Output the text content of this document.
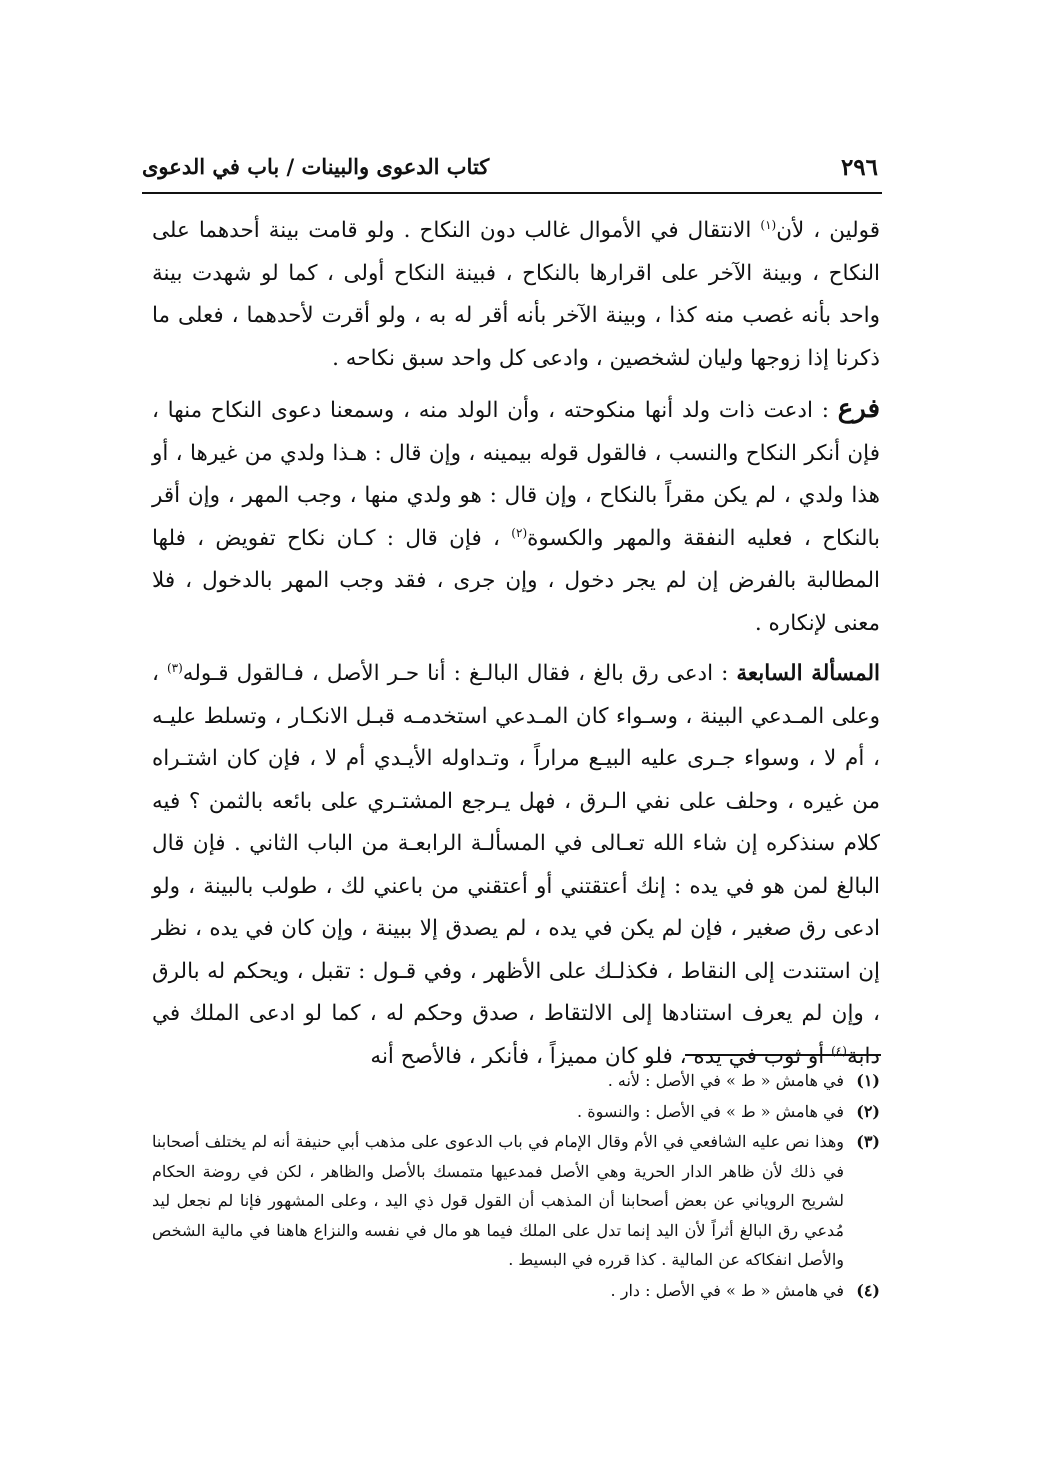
٢٩٦
كتاب الدعوى والبينات / باب في الدعوى

قولين ، لأن$^{(١)}$ الانتقال في الأموال غالب دون النكاح . ولو قامت بينة أحدهما على النكاح ، وبينة الآخر على اقرارها بالنكاح ، فبينة النكاح أولى ، كما لو شهدت بينة واحد بأنه غصب منه كذا ، وبينة الآخر بأنه أقر له به ، ولو أقرت لأحدهما ، فعلى ما ذكرنا إذا زوجها وليان لشخصين ، وادعى كل واحد سبق نكاحه .

فرع : ادعت ذات ولد أنها منكوحته ، وأن الولد منه ، وسمعنا دعوى النكاح منها ، فإن أنكر النكاح والنسب ، فالقول قوله بيمينه ، وإن قال : هـذا ولدي من غيرها ، أو هذا ولدي ، لم يكن مقراً بالنكاح ، وإن قال : هو ولدي منها ، وجب المهر ، وإن أقر بالنكاح ، فعليه النفقة والمهر والكسوة$^{(٢)}$ ، فإن قال : كـان نكاح تفويض ، فلها المطالبة بالفرض إن لم يجر دخول ، وإن جرى ، فقد وجب المهر بالدخول ، فلا معنى لإنكاره .

المسألة السابعة : ادعى رق بالغ ، فقال البالـغ : أنا حـر الأصل ، فـالقول قـوله$^{(٣)}$ ، وعلى المـدعي البينة ، وسـواء كان المـدعي استخدمـه قبـل الانكـار ، وتسلط عليـه ، أم لا ، وسواء جـرى عليه البيـع مراراً ، وتـداوله الأيـدي أم لا ، فإن كان اشتـراه من غيره ، وحلف على نفي الـرق ، فهل يـرجع المشتـري على بائعه بالثمن ؟ فيه كلام سنذكره إن شاء الله تعـالى في المسألـة الرابعـة من الباب الثاني . فإن قال البالغ لمن هو في يده : إنك أعتقتني أو أعتقني من باعني لك ، طولب بالبينة ، ولو ادعى رق صغير ، فإن لم يكن في يده ، لم يصدق إلا ببينة ، وإن كان في يده ، نظر إن استندت إلى النقاط ، فكذلـك على الأظهر ، وفي قـول : تقبل ، ويحكم له بالرق ، وإن لم يعرف استنادها إلى الالتقاط ، صدق وحكم له ، كما لو ادعى الملك في دابة$^{(٤)}$ أو ثوب في يده ، فلو كان مميزاً ، فأنكر ، فالأصح أنه

(١)
في هامش « ط » في الأصل : لأنه .
(٢)
في هامش « ط » في الأصل : والنسوة .
(٣)
وهذا نص عليه الشافعي في الأم وقال الإمام في باب الدعوى على مذهب أبي حنيفة أنه لم يختلف أصحابنا في ذلك لأن ظاهر الدار الحرية وهي الأصل فمدعيها متمسك بالأصل والظاهر ، لكن في روضة الحكام لشريح الروياني عن بعض أصحابنا أن المذهب أن القول قول ذي اليد ، وعلى المشهور فإنا لم نجعل ليد مُدعي رق البالغ أثراً لأن اليد إنما تدل على الملك فيما هو مال في نفسه والنزاع هاهنا في مالية الشخص والأصل انفكاكه عن المالية . كذا قرره في البسيط .
(٤)
في هامش « ط » في الأصل : دار .
